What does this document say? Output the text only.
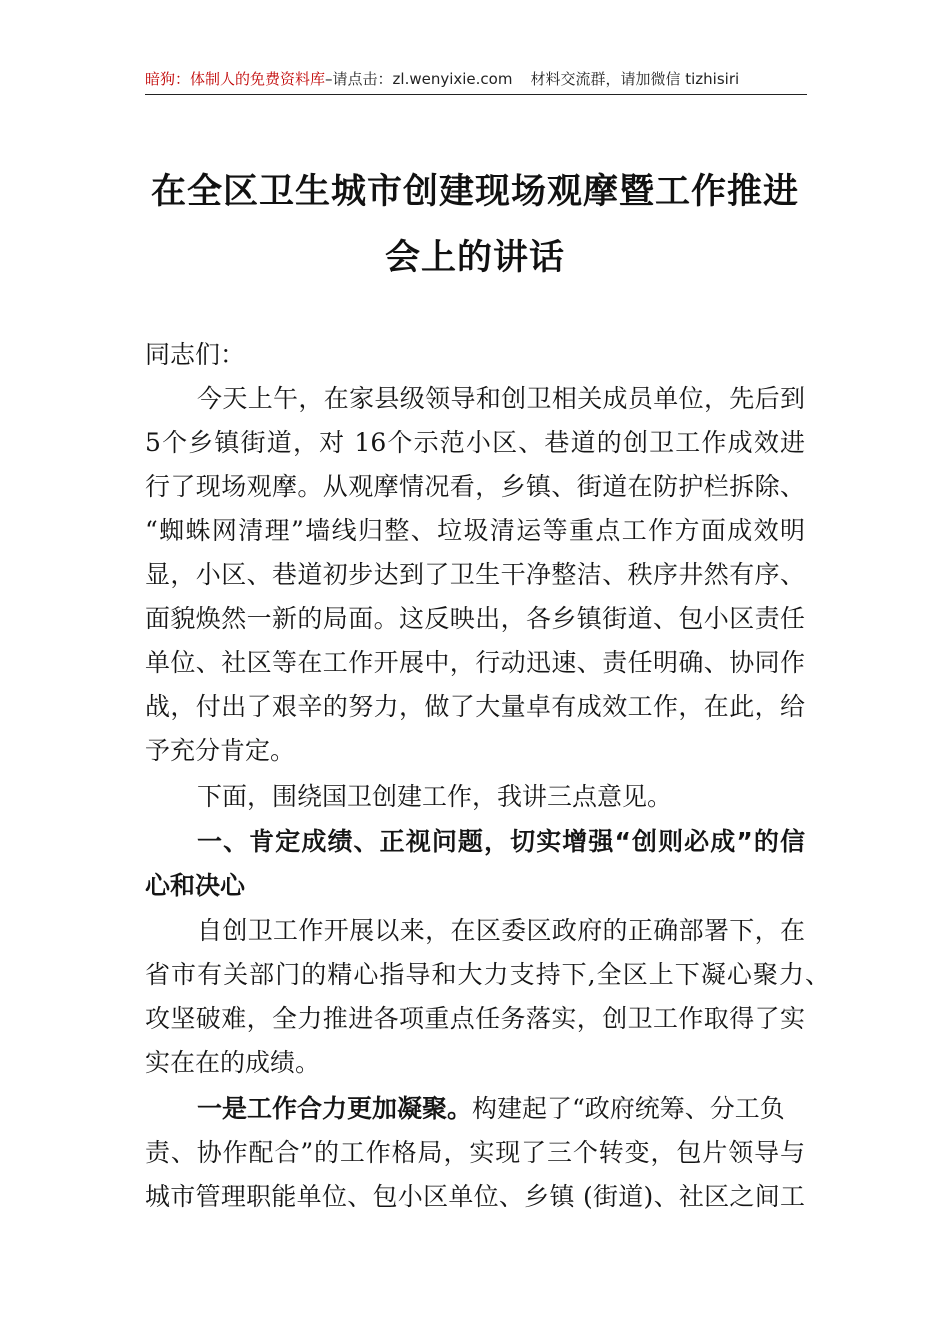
暗狗：体制人的免费资料库–请点击：zl.wenyixie.com 材料交流群，请加微信 tizhisiri
在全区卫生城市创建现场观摩暨工作推进
会上的讲话
同志们：
今天上午，在家县级领导和创卫相关成员单位，先后到
5个乡镇街道，对 16个示范小区、巷道的创卫工作成效进
行了现场观摩。从观摩情况看，乡镇、街道在防护栏拆除、
“蜘蛛网清理”墙线归整、垃圾清运等重点工作方面成效明
显，小区、巷道初步达到了卫生干净整洁、秩序井然有序、
面貌焕然一新的局面。这反映出，各乡镇街道、包小区责任
单位、社区等在工作开展中，行动迅速、责任明确、协同作
战，付出了艰辛的努力，做了大量卓有成效工作，在此，给
予充分肯定。
下面，围绕国卫创建工作，我讲三点意见。
一、肯定成绩、正视问题，切实增强“创则必成”的信
心和决心
自创卫工作开展以来，在区委区政府的正确部署下，在
省市有关部门的精心指导和大力支持下,全区上下凝心聚力、
攻坚破难，全力推进各项重点任务落实，创卫工作取得了实
实在在的成绩。
一是工作合力更加凝聚。构建起了“政府统筹、分工负
责、协作配合”的工作格局，实现了三个转变，包片领导与
城市管理职能单位、包小区单位、乡镇 (街道)、社区之间工
